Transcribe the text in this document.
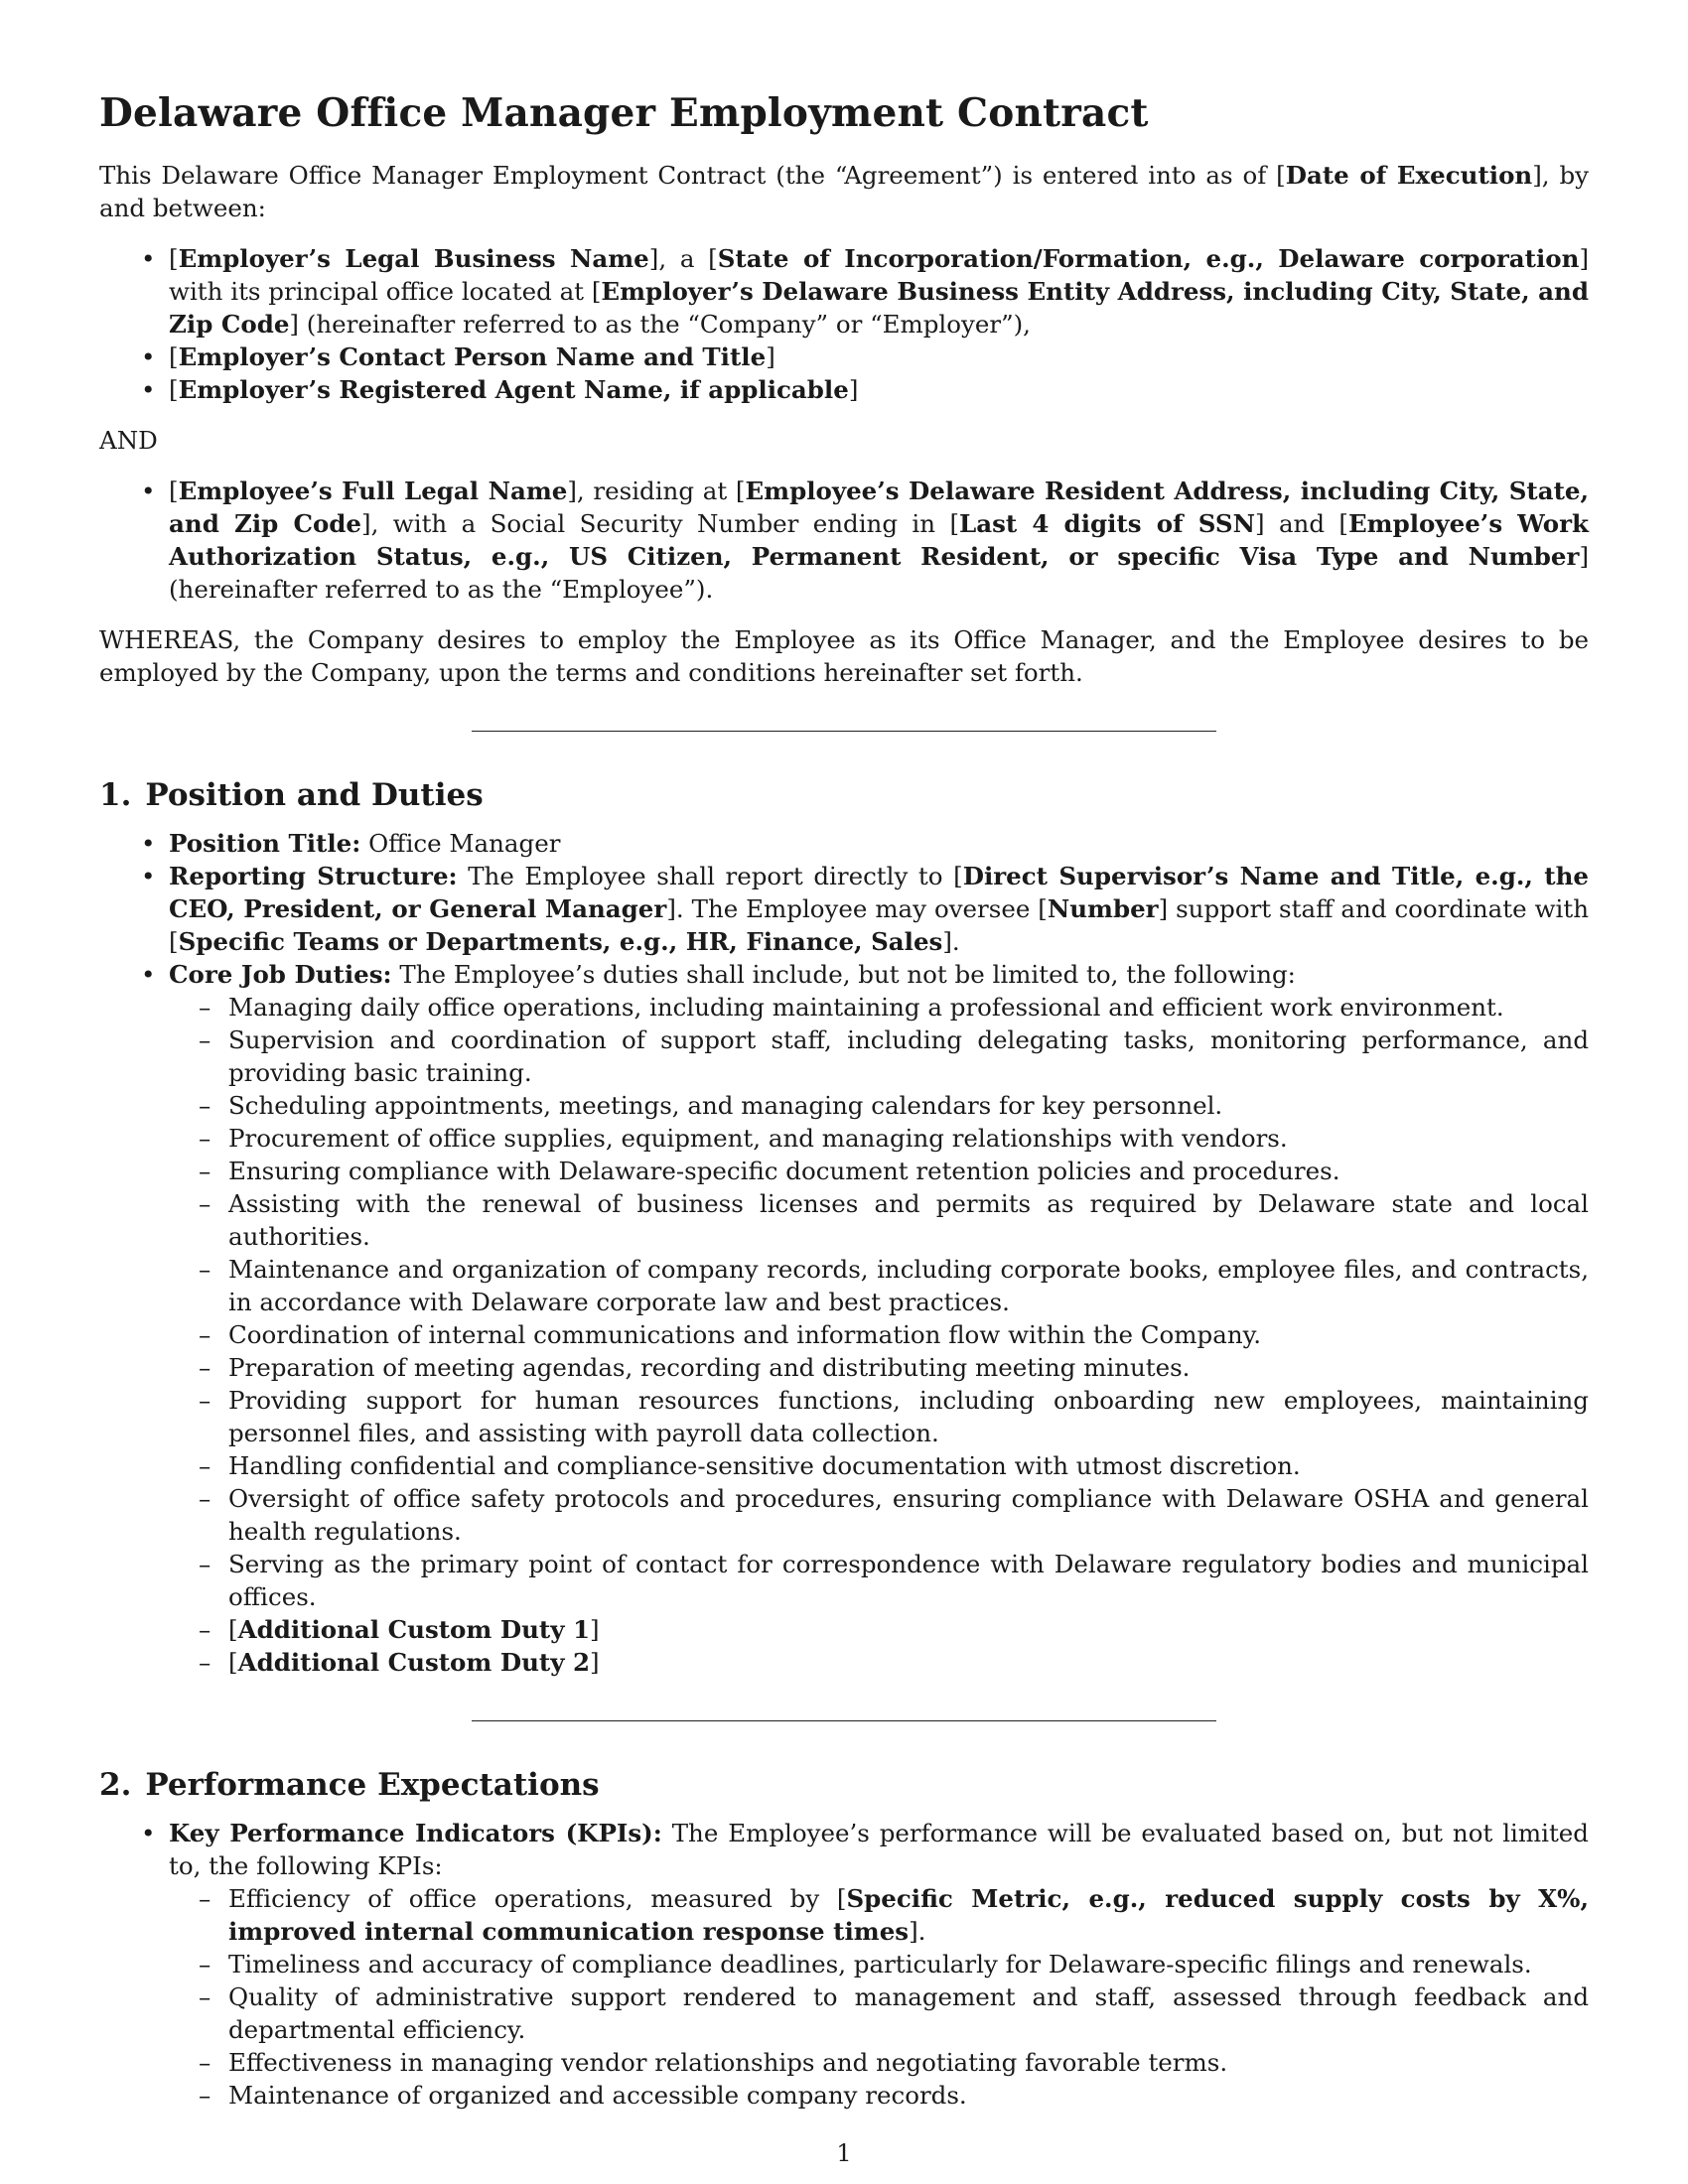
Delaware Office Manager Employment Contract

This Delaware Office Manager Employment Contract (the “Agreement”) is entered into as of [Date of Execution], by and between:

• [Employer’s Legal Business Name], a [State of Incorporation/Formation, e.g., Delaware corporation] with its principal office located at [Employer’s Delaware Business Entity Address, including City, State, and Zip Code] (hereinafter referred to as the “Company” or “Employer”),
• [Employer’s Contact Person Name and Title]
• [Employer’s Registered Agent Name, if applicable]
AND
• [Employee’s Full Legal Name], residing at [Employee’s Delaware Resident Address, including City, State, and Zip Code], with a Social Security Number ending in [Last 4 digits of SSN] and [Employee’s Work Authorization Status, e.g., US Citizen, Permanent Resident, or specific Visa Type and Number] (hereinafter referred to as the “Employee”).

WHEREAS, the Company desires to employ the Employee as its Office Manager, and the Employee desires to be employed by the Company, upon the terms and conditions hereinafter set forth.

1. Position and Duties
• Position Title: Office Manager
• Reporting Structure: The Employee shall report directly to [Direct Supervisor’s Name and Title, e.g., the CEO, President, or General Manager]. The Employee may oversee [Number] support staff and coordinate with [Specific Teams or Departments, e.g., HR, Finance, Sales].
• Core Job Duties: The Employee’s duties shall include, but not be limited to, the following:
– Managing daily office operations, including maintaining a professional and efficient work environment.
– Supervision and coordination of support staff, including delegating tasks, monitoring performance, and providing basic training.
– Scheduling appointments, meetings, and managing calendars for key personnel.
– Procurement of office supplies, equipment, and managing relationships with vendors.
– Ensuring compliance with Delaware-specific document retention policies and procedures.
– Assisting with the renewal of business licenses and permits as required by Delaware state and local authorities.
– Maintenance and organization of company records, including corporate books, employee files, and contracts, in accordance with Delaware corporate law and best practices.
– Coordination of internal communications and information flow within the Company.
– Preparation of meeting agendas, recording and distributing meeting minutes.
– Providing support for human resources functions, including onboarding new employees, maintaining personnel files, and assisting with payroll data collection.
– Handling confidential and compliance-sensitive documentation with utmost discretion.
– Oversight of office safety protocols and procedures, ensuring compliance with Delaware OSHA and general health regulations.
– Serving as the primary point of contact for correspondence with Delaware regulatory bodies and municipal offices.
– [Additional Custom Duty 1]
– [Additional Custom Duty 2]
2. Performance Expectations
• Key Performance Indicators (KPIs): The Employee’s performance will be evaluated based on, but not limited to, the following KPIs:
– Efficiency of office operations, measured by [Specific Metric, e.g., reduced supply costs by X%, improved internal communication response times].
– Timeliness and accuracy of compliance deadlines, particularly for Delaware-specific filings and renewals.
– Quality of administrative support rendered to management and staff, assessed through feedback and departmental efficiency.
– Effectiveness in managing vendor relationships and negotiating favorable terms.
– Maintenance of organized and accessible company records.
1
